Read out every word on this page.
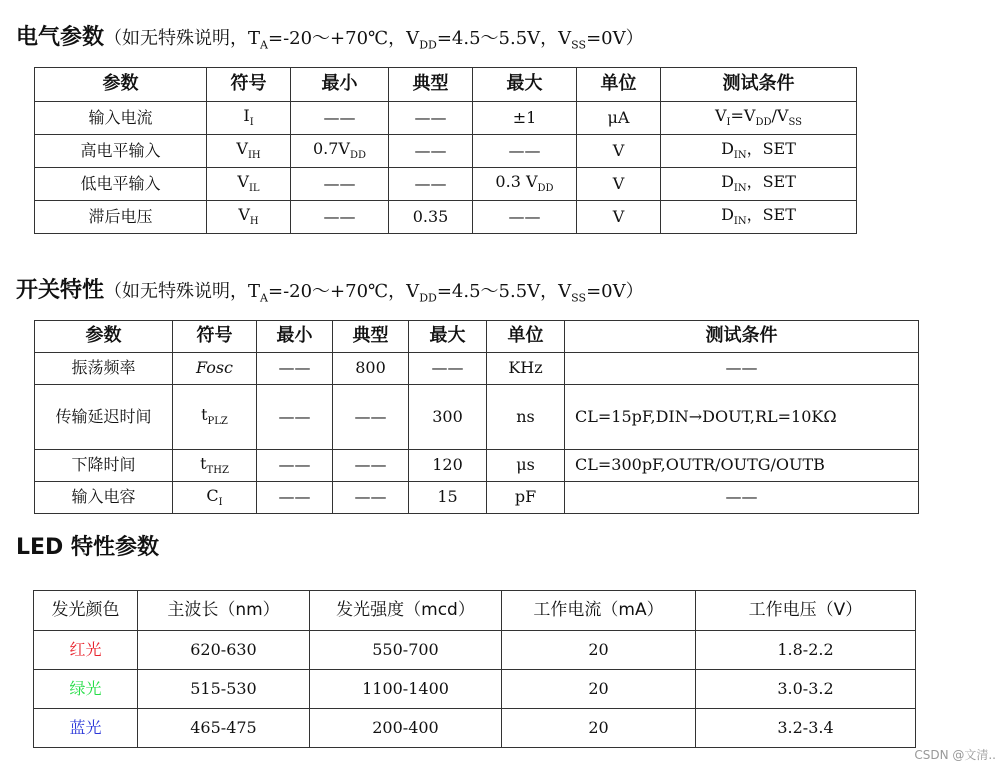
电气参数（如无特殊说明，$T_A=-20\sim+70℃$，$V_{DD}=4.5\sim 5.5V$，$V_{SS}=0V$）
参数	符号	最小	典型	最大	单位	测试条件
输入电流	$I_I$	——	——	±1	μA	$V_I=V_{DD}/V_{SS}$
高电平输入	$V_{IH}$	$0.7V_{DD}$	——	——	V	$D_{IN}$，SET
低电平输入	$V_{IL}$	——	——	0.3 $V_{DD}$	V	$D_{IN}$，SET
滞后电压	$V_H$	——	0.35	——	V	$D_{IN}$，SET
开关特性（如无特殊说明，$T_A=-20\sim+70℃$，$V_{DD}=4.5\sim 5.5V$，$V_{SS}=0V$）
参数	符号	最小	典型	最大	单位	测试条件
振荡频率	Fosc	——	800	——	KHz	——
传输延迟时间	$t_{PLZ}$	——	——	300	ns	CL=15pF,DIN→DOUT,RL=10KΩ
下降时间	$t_{THZ}$	——	——	120	μs	CL=300pF,OUTR/OUTG/OUTB
输入电容	$C_I$	——	——	15	pF	——
LED 特性参数
发光颜色	主波长（nm）	发光强度（mcd）	工作电流（mA）	工作电压（V）
红光	620-630	550-700	20	1.8-2.2
绿光	515-530	1100-1400	20	3.0-3.2
蓝光	465-475	200-400	20	3.2-3.4
CSDN @文清..
